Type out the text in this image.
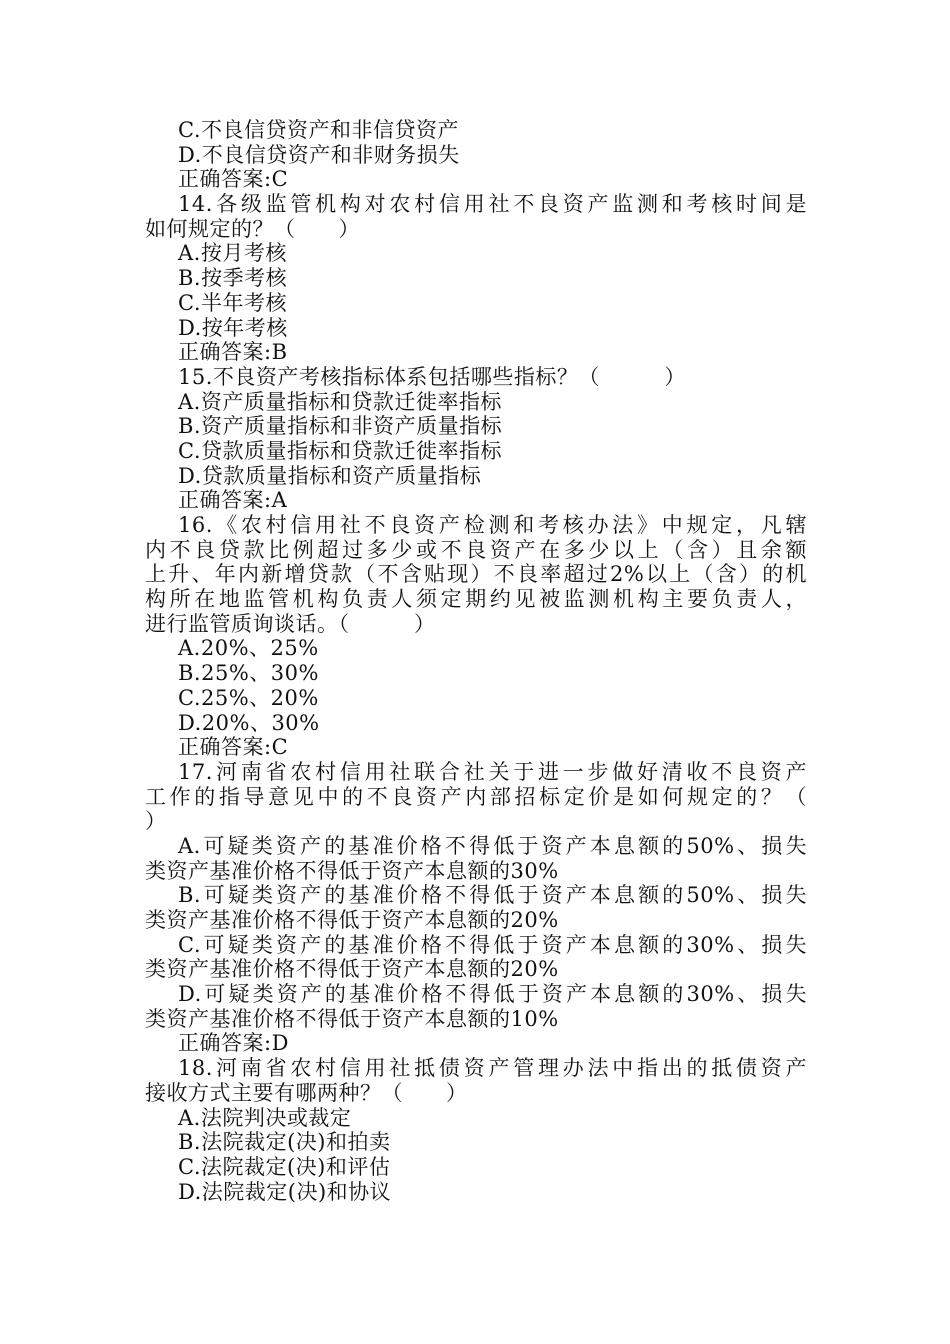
C.不良信贷资产和非信贷资产
D.不良信贷资产和非财务损失
正确答案:C
14.各级监管机构对农村信用社不良资产监测和考核时间是
如何规定的？（　　）
A.按月考核
B.按季考核
C.半年考核
D.按年考核
正确答案:B
15.不良资产考核指标体系包括哪些指标？（　　　）
A.资产质量指标和贷款迁徙率指标
B.资产质量指标和非资产质量指标
C.贷款质量指标和贷款迁徙率指标
D.贷款质量指标和资产质量指标
正确答案:A
16.《农村信用社不良资产检测和考核办法》中规定，凡辖
内不良贷款比例超过多少或不良资产在多少以上（含）且余额
上升、年内新增贷款（不含贴现）不良率超过2%以上（含）的机
构所在地监管机构负责人须定期约见被监测机构主要负责人，
进行监管质询谈话。（　　　）
A.20%、25%
B.25%、30%
C.25%、20%
D.20%、30%
正确答案:C
17.河南省农村信用社联合社关于进一步做好清收不良资产
工作的指导意见中的不良资产内部招标定价是如何规定的？（
）
A.可疑类资产的基准价格不得低于资产本息额的50%、损失
类资产基准价格不得低于资产本息额的30%
B.可疑类资产的基准价格不得低于资产本息额的50%、损失
类资产基准价格不得低于资产本息额的20%
C.可疑类资产的基准价格不得低于资产本息额的30%、损失
类资产基准价格不得低于资产本息额的20%
D.可疑类资产的基准价格不得低于资产本息额的30%、损失
类资产基准价格不得低于资产本息额的10%
正确答案:D
18.河南省农村信用社抵债资产管理办法中指出的抵债资产
接收方式主要有哪两种？（　　）
A.法院判决或裁定
B.法院裁定(决)和拍卖
C.法院裁定(决)和评估
D.法院裁定(决)和协议
